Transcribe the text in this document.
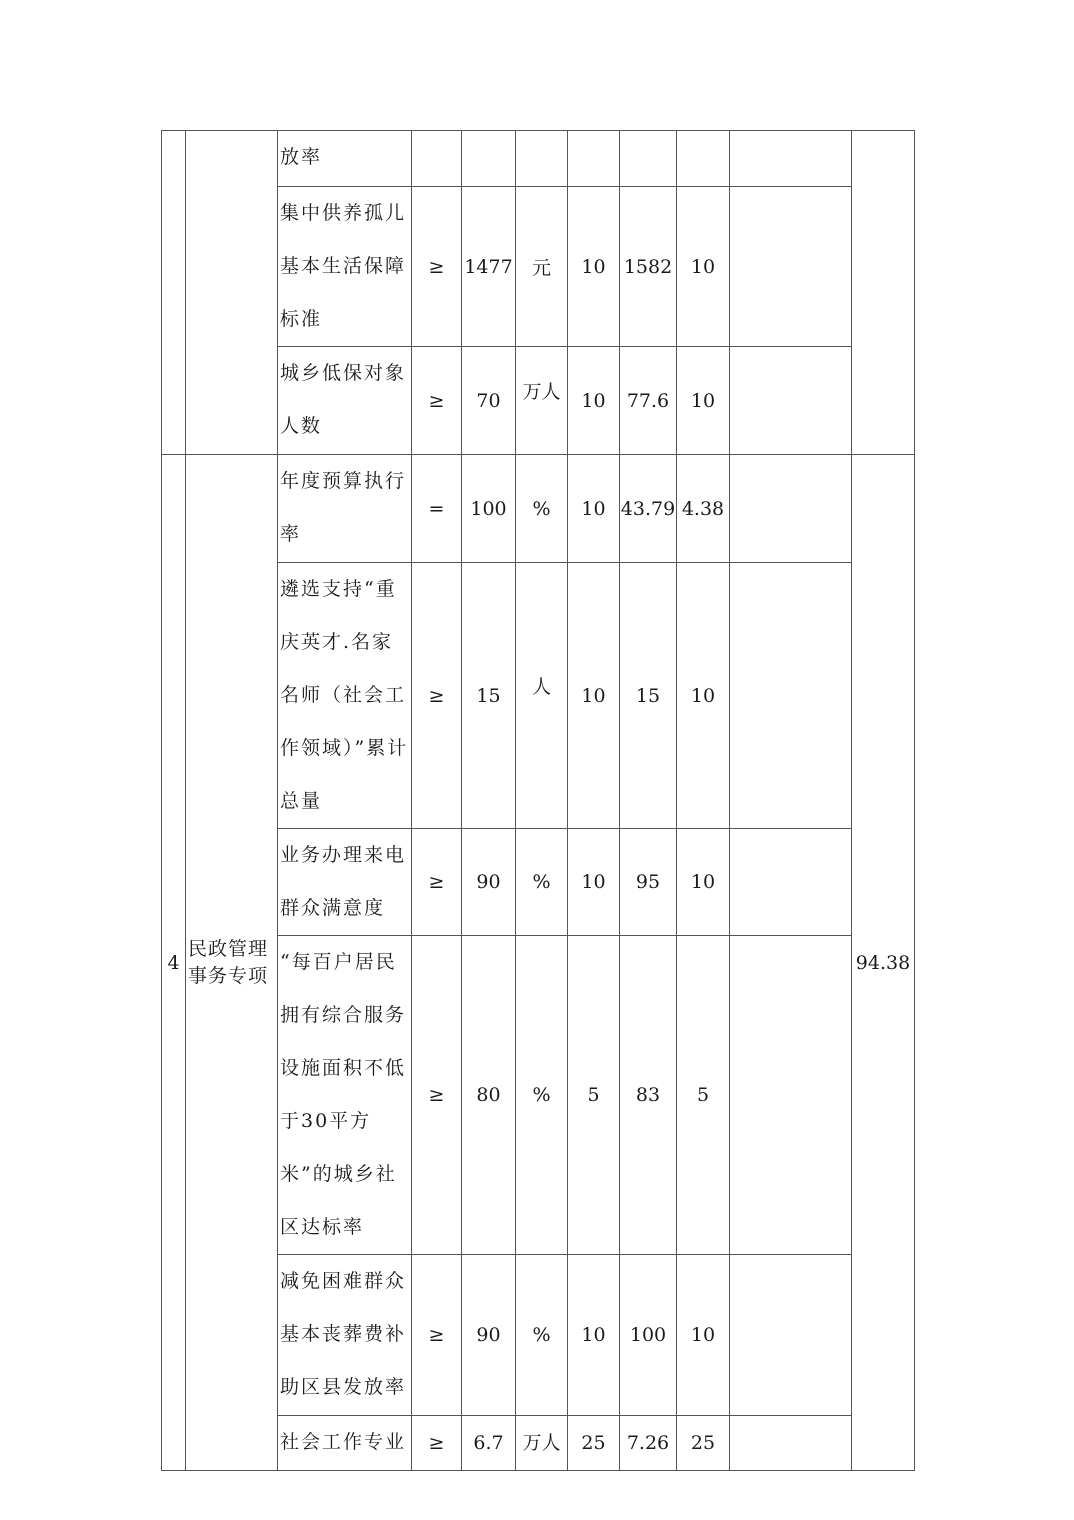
		放率								

		集中供养孤儿基本生活保障标准	≥	1477	元	10	1582	10		

		城乡低保对象人数	≥	70	万人	10	77.6	10		
4	民政管理事务专项	年度预算执行率	=	100	%	10	43.79	4.38		94.38

		遴选支持“重庆英才.名家名师（社会工作领域）”累计总量	≥	15	人	10	15	10		

		业务办理来电群众满意度	≥	90	%	10	95	10		

		“每百户居民拥有综合服务设施面积不低于30平方米”的城乡社区达标率	≥	80	%	5	83	5		

		减免困难群众基本丧葬费补助区县发放率	≥	90	%	10	100	10		

		社会工作专业	≥	6.7	万人	25	7.26	25		
